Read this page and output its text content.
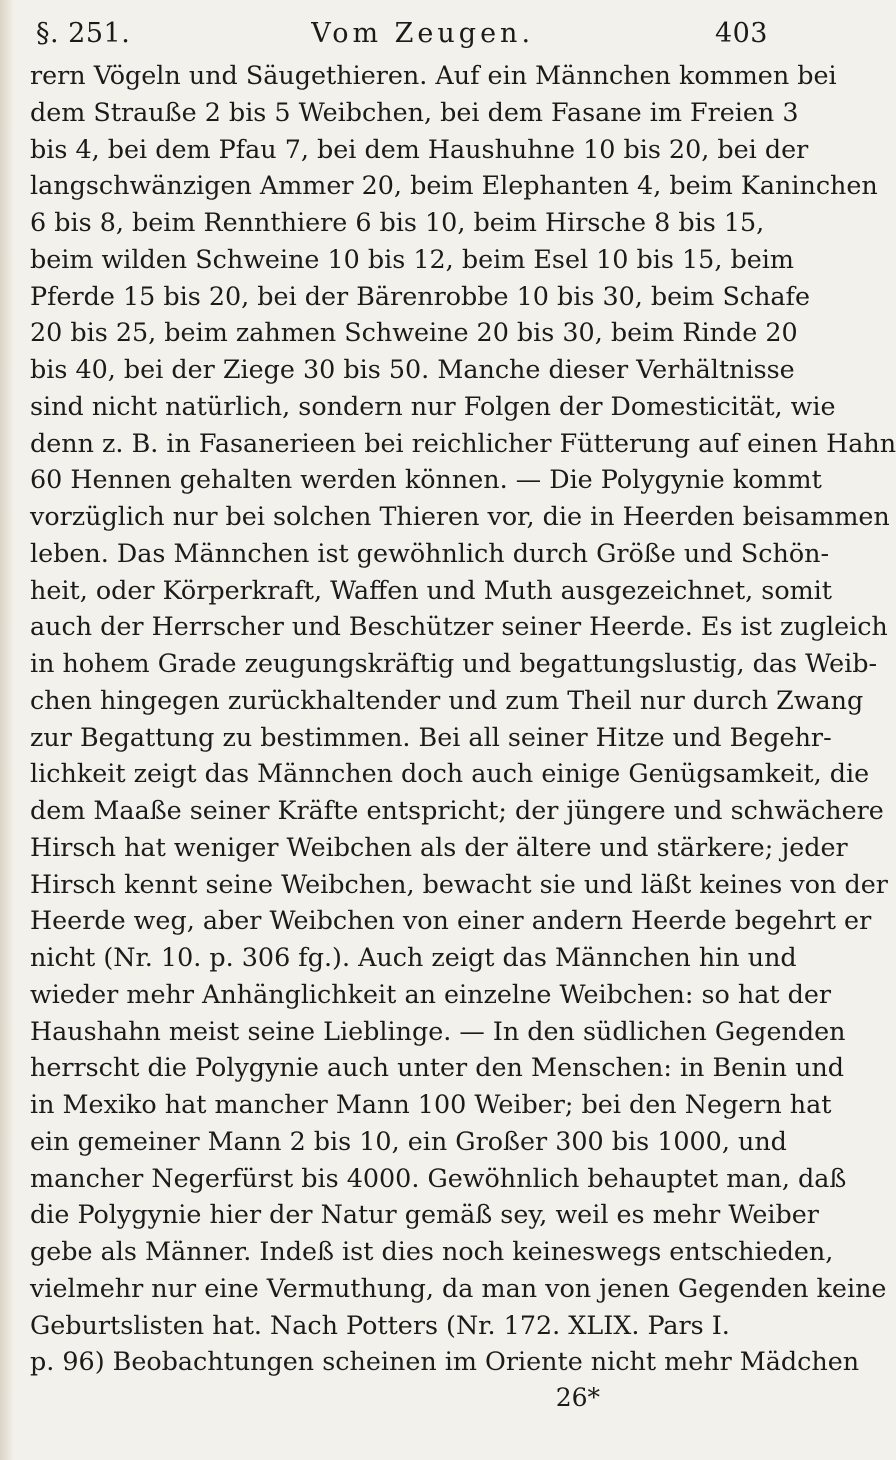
§. 251.	Vom Zeugen.	403
rern Vögeln und Säugethieren. Auf ein Männchen kommen bei
dem Strauße 2 bis 5 Weibchen, bei dem Fasane im Freien 3
bis 4, bei dem Pfau 7, bei dem Haushuhne 10 bis 20, bei der
langschwänzigen Ammer 20, beim Elephanten 4, beim Kaninchen
6 bis 8, beim Rennthiere 6 bis 10, beim Hirsche 8 bis 15,
beim wilden Schweine 10 bis 12, beim Esel 10 bis 15, beim
Pferde 15 bis 20, bei der Bärenrobbe 10 bis 30, beim Schafe
20 bis 25, beim zahmen Schweine 20 bis 30, beim Rinde 20
bis 40, bei der Ziege 30 bis 50. Manche dieser Verhältnisse
sind nicht natürlich, sondern nur Folgen der Domesticität, wie
denn z. B. in Fasanerieen bei reichlicher Fütterung auf einen Hahn
60 Hennen gehalten werden können. — Die Polygynie kommt
vorzüglich nur bei solchen Thieren vor, die in Heerden beisammen
leben. Das Männchen ist gewöhnlich durch Größe und Schön-
heit, oder Körperkraft, Waffen und Muth ausgezeichnet, somit
auch der Herrscher und Beschützer seiner Heerde. Es ist zugleich
in hohem Grade zeugungskräftig und begattungslustig, das Weib-
chen hingegen zurückhaltender und zum Theil nur durch Zwang
zur Begattung zu bestimmen. Bei all seiner Hitze und Begehr-
lichkeit zeigt das Männchen doch auch einige Genügsamkeit, die
dem Maaße seiner Kräfte entspricht; der jüngere und schwächere
Hirsch hat weniger Weibchen als der ältere und stärkere; jeder
Hirsch kennt seine Weibchen, bewacht sie und läßt keines von der
Heerde weg, aber Weibchen von einer andern Heerde begehrt er
nicht (Nr. 10. p. 306 fg.). Auch zeigt das Männchen hin und
wieder mehr Anhänglichkeit an einzelne Weibchen: so hat der
Haushahn meist seine Lieblinge. — In den südlichen Gegenden
herrscht die Polygynie auch unter den Menschen: in Benin und
in Mexiko hat mancher Mann 100 Weiber; bei den Negern hat
ein gemeiner Mann 2 bis 10, ein Großer 300 bis 1000, und
mancher Negerfürst bis 4000. Gewöhnlich behauptet man, daß
die Polygynie hier der Natur gemäß sey, weil es mehr Weiber
gebe als Männer. Indeß ist dies noch keineswegs entschieden,
vielmehr nur eine Vermuthung, da man von jenen Gegenden keine
Geburtslisten hat. Nach Potters (Nr. 172. XLIX. Pars I.
p. 96) Beobachtungen scheinen im Oriente nicht mehr Mädchen
26*
